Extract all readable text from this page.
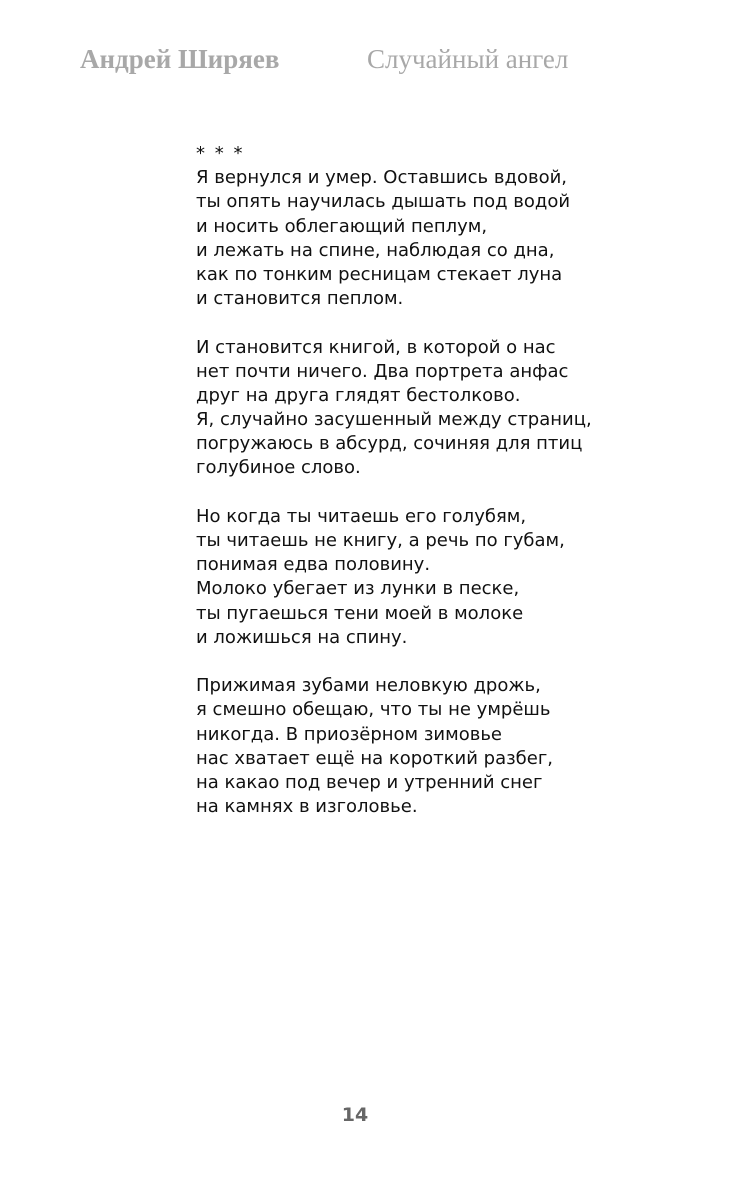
Андрей Ширяев	Случайный ангел
* * *
Я вернулся и умер. Оставшись вдовой,
ты опять научилась дышать под водой
и носить облегающий пеплум,
и лежать на спине, наблюдая со дна,
как по тонким ресницам стекает луна
и становится пеплом.
И становится книгой, в которой о нас
нет почти ничего. Два портрета анфас
друг на друга глядят бестолково.
Я, случайно засушенный между страниц,
погружаюсь в абсурд, сочиняя для птиц
голубиное слово.
Но когда ты читаешь его голубям,
ты читаешь не книгу, а речь по губам,
понимая едва половину.
Молоко убегает из лунки в песке,
ты пугаешься тени моей в молоке
и ложишься на спину.
Прижимая зубами неловкую дрожь,
я смешно обещаю, что ты не умрёшь
никогда. В приозёрном зимовье
нас хватает ещё на короткий разбег,
на какао под вечер и утренний снег
на камнях в изголовье.
14
